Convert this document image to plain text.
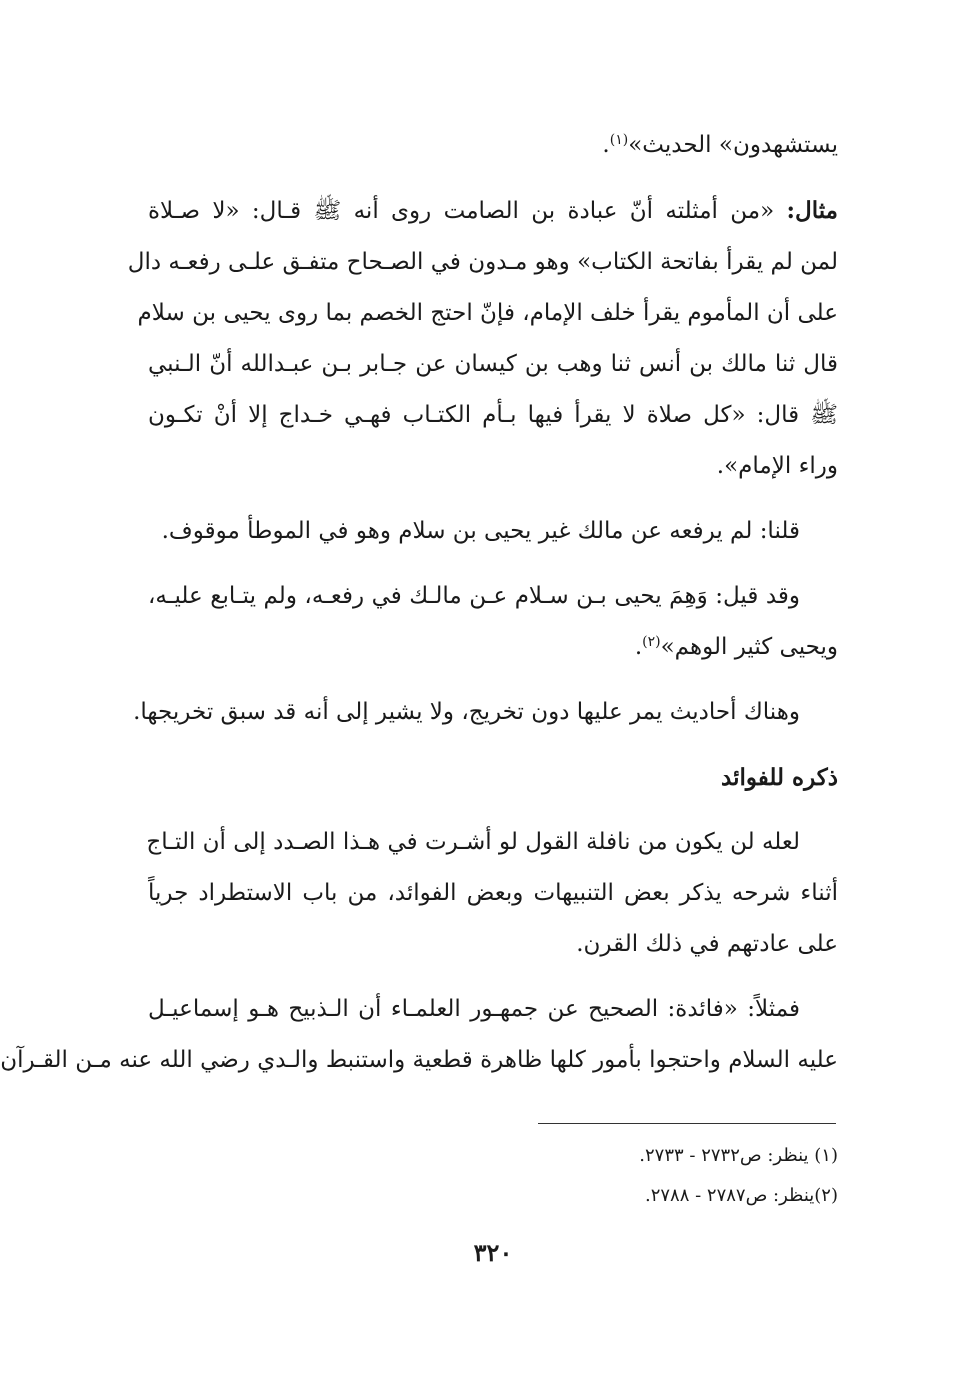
يستشهدون» الحديث»$^{(١)}$.
مثال: «من أمثلته أنّ عبادة بن الصامت روى أنه ﷺ قـال: «لا صـلاة
لمن لم يقرأ بفاتحة الكتاب» وهو مـدون في الصـحاح متفـق علـى رفعـه دال
على أن المأموم يقرأ خلف الإمام، فإنّ احتج الخصم بما روى يحيى بن سلام
قال ثنا مالك بن أنس ثنا وهب بن كيسان عن جـابر بـن عبـدالله أنّ الـنبي
ﷺ قال: «كل صلاة لا يقرأ فيها بـأم الكتـاب فهـي خـداج إلا أنْ تكـون
وراء الإمام».
قلنا: لم يرفعه عن مالك غير يحيى بن سلام وهو في الموطأ موقوف.
وقد قيل: وَهِمَ يحيى بـن سـلام عـن مالـك في رفعـه، ولم يتـابع عليـه،
ويحيى كثير الوهم»$^{(٢)}$.
وهناك أحاديث يمر عليها دون تخريج، ولا يشير إلى أنه قد سبق تخريجها.
ذكره للفوائد
لعله لن يكون من نافلة القول لو أشـرت في هـذا الصـدد إلى أن التـاج
أثناء شرحه يذكر بعض التنبيهات وبعض الفوائد، من باب الاستطراد جرياً
على عادتهم في ذلك القرن.
فمثلاً: «فائدة: الصحيح عن جمهـور العلمـاء أن الـذبيح هـو إسماعيـل
عليه السلام واحتجوا بأمور كلها ظاهرة قطعية واستنبط والـدي رضي الله عنه مـن القـرآن
(١) ينظر: ص٢٧٣٢ - ٢٧٣٣.
(٢)ينظر: ص٢٧٨٧ - ٢٧٨٨.
٣٢٠
